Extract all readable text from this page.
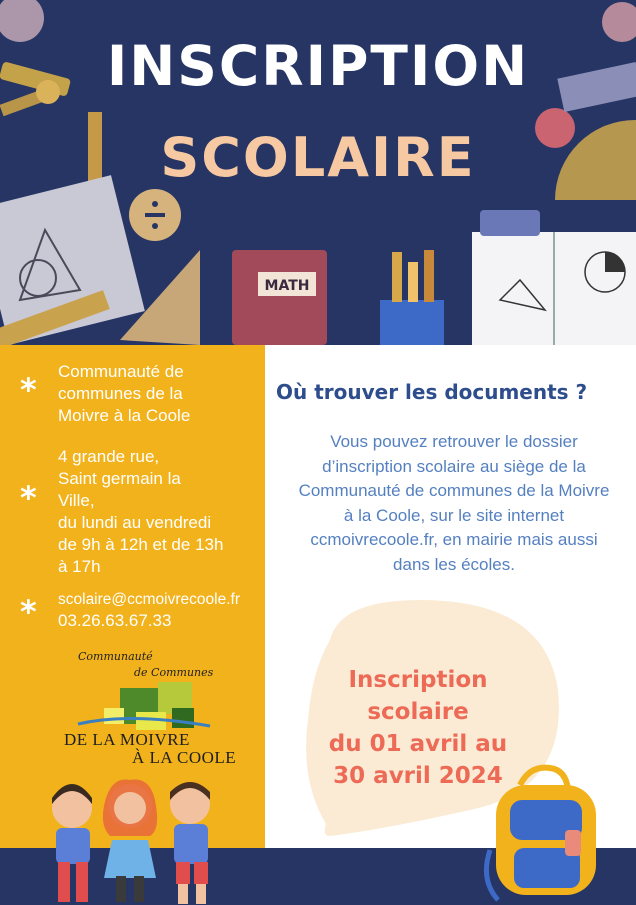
MATH
INSCRIPTION
SCOLAIRE
* Communauté de
communes de la
Moivre à la Coole
*
4 grande rue,
Saint germain la
Ville,
du lundi au vendredi
de 9h à 12h et de 13h
à 17h
* scolaire@ccmoivrecoole.fr
03.26.63.67.33
Communauté
de Communes
DE LA MOIVRE
À LA COOLE
Où trouver les documents ?
Vous pouvez retrouver le dossier
d’inscription scolaire au siège de la
Communauté de communes de la Moivre
à la Coole, sur le site internet
ccmoivrecoole.fr, en mairie mais aussi
dans les écoles.
Inscription
scolaire
du 01 avril au
30 avril 2024
